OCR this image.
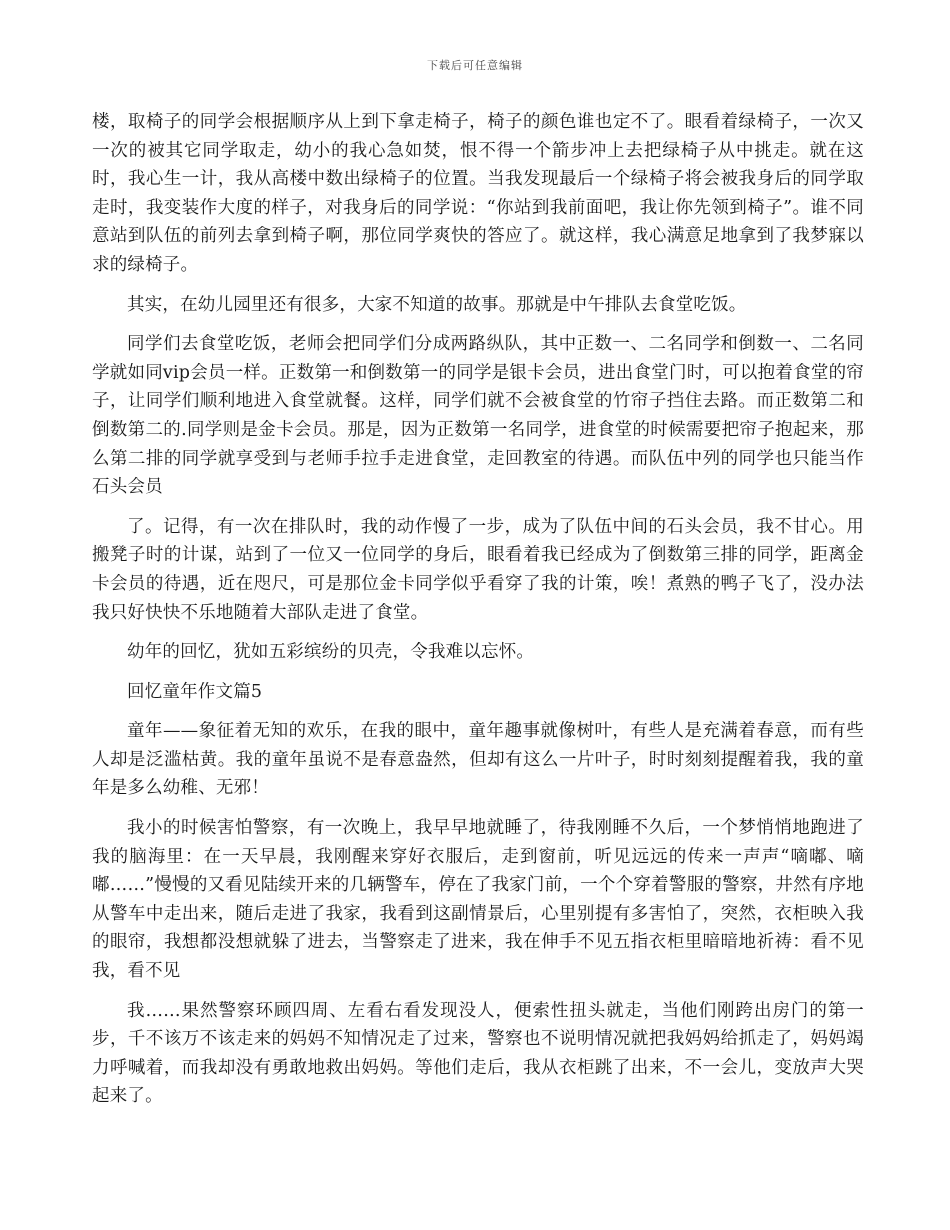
下载后可任意编辑

楼，取椅子的同学会根据顺序从上到下拿走椅子，椅子的颜色谁也定不了。眼看着绿椅子，一次又一次的被其它同学取走，幼小的我心急如焚，恨不得一个箭步冲上去把绿椅子从中挑走。就在这时，我心生一计，我从高楼中数出绿椅子的位置。当我发现最后一个绿椅子将会被我身后的同学取走时，我变装作大度的样子，对我身后的同学说：“你站到我前面吧，我让你先领到椅子”。谁不同意站到队伍的前列去拿到椅子啊，那位同学爽快的答应了。就这样，我心满意足地拿到了我梦寐以求的绿椅子。

其实，在幼儿园里还有很多，大家不知道的故事。那就是中午排队去食堂吃饭。

同学们去食堂吃饭，老师会把同学们分成两路纵队，其中正数一、二名同学和倒数一、二名同学就如同vip会员一样。正数第一和倒数第一的同学是银卡会员，进出食堂门时，可以抱着食堂的帘子，让同学们顺利地进入食堂就餐。这样，同学们就不会被食堂的竹帘子挡住去路。而正数第二和倒数第二的.同学则是金卡会员。那是，因为正数第一名同学，进食堂的时候需要把帘子抱起来，那么第二排的同学就享受到与老师手拉手走进食堂，走回教室的待遇。而队伍中列的同学也只能当作石头会员

了。记得，有一次在排队时，我的动作慢了一步，成为了队伍中间的石头会员，我不甘心。用搬凳子时的计谋，站到了一位又一位同学的身后，眼看着我已经成为了倒数第三排的同学，距离金卡会员的待遇，近在咫尺，可是那位金卡同学似乎看穿了我的计策，唉！煮熟的鸭子飞了，没办法我只好快快不乐地随着大部队走进了食堂。

幼年的回忆，犹如五彩缤纷的贝壳，令我难以忘怀。

回忆童年作文篇5

童年——象征着无知的欢乐，在我的眼中，童年趣事就像树叶，有些人是充满着春意，而有些人却是泛滥枯黄。我的童年虽说不是春意盎然，但却有这么一片叶子，时时刻刻提醒着我，我的童年是多么幼稚、无邪！

我小的时候害怕警察，有一次晚上，我早早地就睡了，待我刚睡不久后，一个梦悄悄地跑进了我的脑海里：在一天早晨，我刚醒来穿好衣服后，走到窗前，听见远远的传来一声声“嘀嘟、嘀嘟……”慢慢的又看见陆续开来的几辆警车，停在了我家门前，一个个穿着警服的警察，井然有序地从警车中走出来，随后走进了我家，我看到这副情景后，心里别提有多害怕了，突然，衣柜映入我的眼帘，我想都没想就躲了进去，当警察走了进来，我在伸手不见五指衣柜里暗暗地祈祷：看不见我，看不见

我……果然警察环顾四周、左看右看发现没人，便索性扭头就走，当他们刚跨出房门的第一步，千不该万不该走来的妈妈不知情况走了过来，警察也不说明情况就把我妈妈给抓走了，妈妈竭力呼喊着，而我却没有勇敢地救出妈妈。等他们走后，我从衣柜跳了出来，不一会儿，变放声大哭起来了。
